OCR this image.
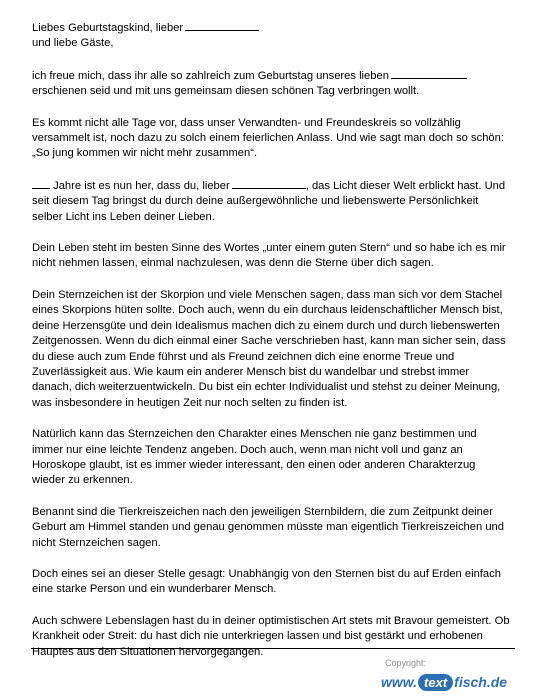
Liebes Geburtstagskind, lieber
und liebe Gäste,

ich freue mich, dass ihr alle so zahlreich zum Geburtstag unseres lieben erschienen seid und mit uns gemeinsam diesen schönen Tag verbringen wollt.

Es kommt nicht alle Tage vor, dass unser Verwandten- und Freundeskreis so vollzählig versammelt ist, noch dazu zu solch einem feierlichen Anlass. Und wie sagt man doch so schön: „So jung kommen wir nicht mehr zusammen“.

Jahre ist es nun her, dass du, lieber	, das Licht dieser Welt erblickt hast. Und seit diesem Tag bringst du durch deine außergewöhnliche und liebenswerte Persönlichkeit selber Licht ins Leben deiner Lieben.

Dein Leben steht im besten Sinne des Wortes „unter einem guten Stern“ und so habe ich es mir nicht nehmen lassen, einmal nachzulesen, was denn die Sterne über dich sagen.

Dein Sternzeichen ist der Skorpion und viele Menschen sagen, dass man sich vor dem Stachel eines Skorpions hüten sollte. Doch auch, wenn du ein durchaus leidenschaftlicher Mensch bist, deine Herzensgüte und dein Idealismus machen dich zu einem durch und durch liebenswerten Zeitgenossen. Wenn du dich einmal einer Sache verschrieben hast, kann man sicher sein, dass du diese auch zum Ende führst und als Freund zeichnen dich eine enorme Treue und Zuverlässigkeit aus. Wie kaum ein anderer Mensch bist du wandelbar und strebst immer danach, dich weiterzuentwickeln. Du bist ein echter Individualist und stehst zu deiner Meinung, was insbesondere in heutigen Zeit nur noch selten zu finden ist.

Natürlich kann das Sternzeichen den Charakter eines Menschen nie ganz bestimmen und immer nur eine leichte Tendenz angeben. Doch auch, wenn man nicht voll und ganz an Horoskope glaubt, ist es immer wieder interessant, den einen oder anderen Charakterzug wieder zu erkennen.

Benannt sind die Tierkreiszeichen nach den jeweiligen Sternbildern, die zum Zeitpunkt deiner Geburt am Himmel standen und genau genommen müsste man eigentlich Tierkreiszeichen und nicht Sternzeichen sagen.

Doch eines sei an dieser Stelle gesagt: Unabhängig von den Sternen bist du auf Erden einfach eine starke Person und ein wunderbarer Mensch.

Auch schwere Lebenslagen hast du in deiner optimistischen Art stets mit Bravour gemeistert. Ob Krankheit oder Streit: du hast dich nie unterkriegen lassen und bist gestärkt und erhobenen Hauptes aus den Situationen hervorgegangen.

Copyright:
www. text fisch.de
